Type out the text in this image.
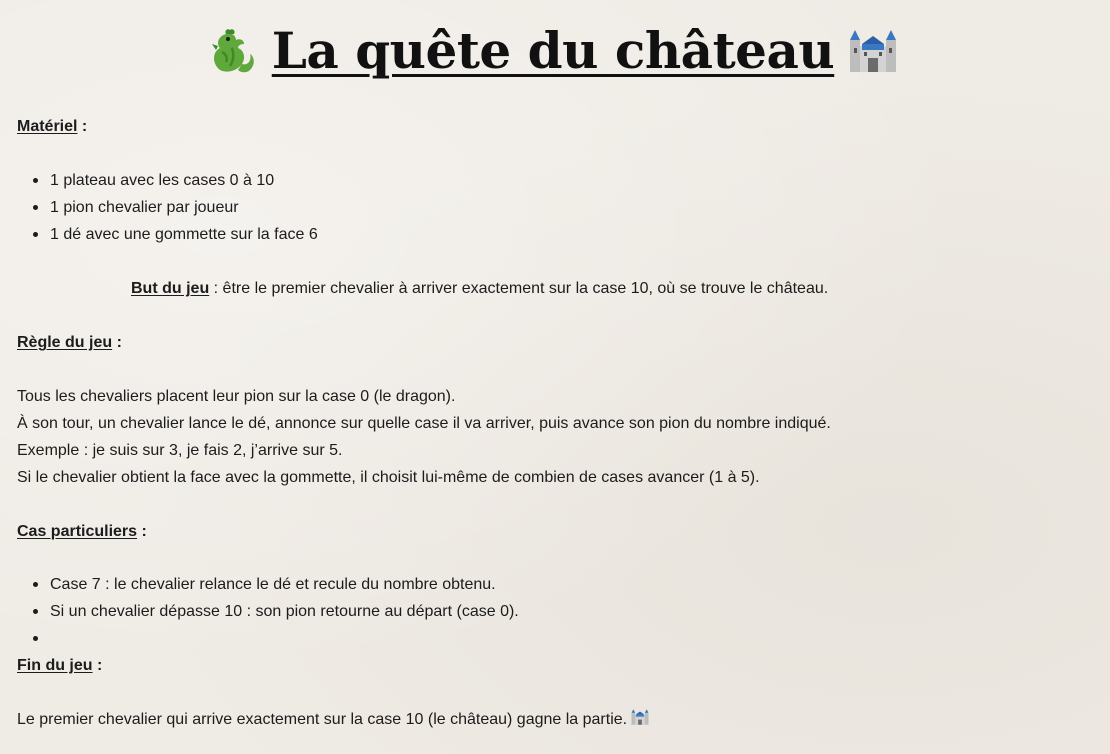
La quête du château
Matériel :
1 plateau avec les cases 0 à 10
1 pion chevalier par joueur
1 dé avec une gommette sur la face 6
But du jeu : être le premier chevalier à arriver exactement sur la case 10, où se trouve le château.
Règle du jeu :
Tous les chevaliers placent leur pion sur la case 0 (le dragon).
À son tour, un chevalier lance le dé, annonce sur quelle case il va arriver, puis avance son pion du nombre indiqué.
Exemple : je suis sur 3, je fais 2, j’arrive sur 5.
Si le chevalier obtient la face avec la gommette, il choisit lui-même de combien de cases avancer (1 à 5).
Cas particuliers :
Case 7 : le chevalier relance le dé et recule du nombre obtenu.
Si un chevalier dépasse 10 : son pion retourne au départ (case 0).
Fin du jeu :
Le premier chevalier qui arrive exactement sur la case 10 (le château) gagne la partie.
